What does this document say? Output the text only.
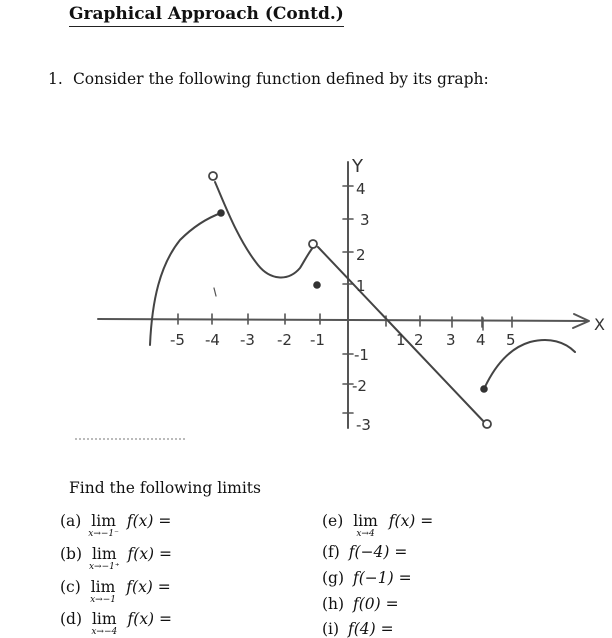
Graphical Approach (Contd.)
1. Consider the following function defined by its graph:
Y
X
-5 -4 -3 -2 -1	1 2 3 4 5
1
2
3
4
-1
-2
-3
Find the following limits
(a) lim
x→−1⁻
f(x) =
(b) lim
x→−1⁺
f(x) =
(c) lim
x→−1
f(x) =
(d) lim
x→−4
f(x) =
(e) lim
x→4
f(x) =
(f) f(−4) =
(g) f(−1) =
(h) f(0) =
(i) f(4) =
